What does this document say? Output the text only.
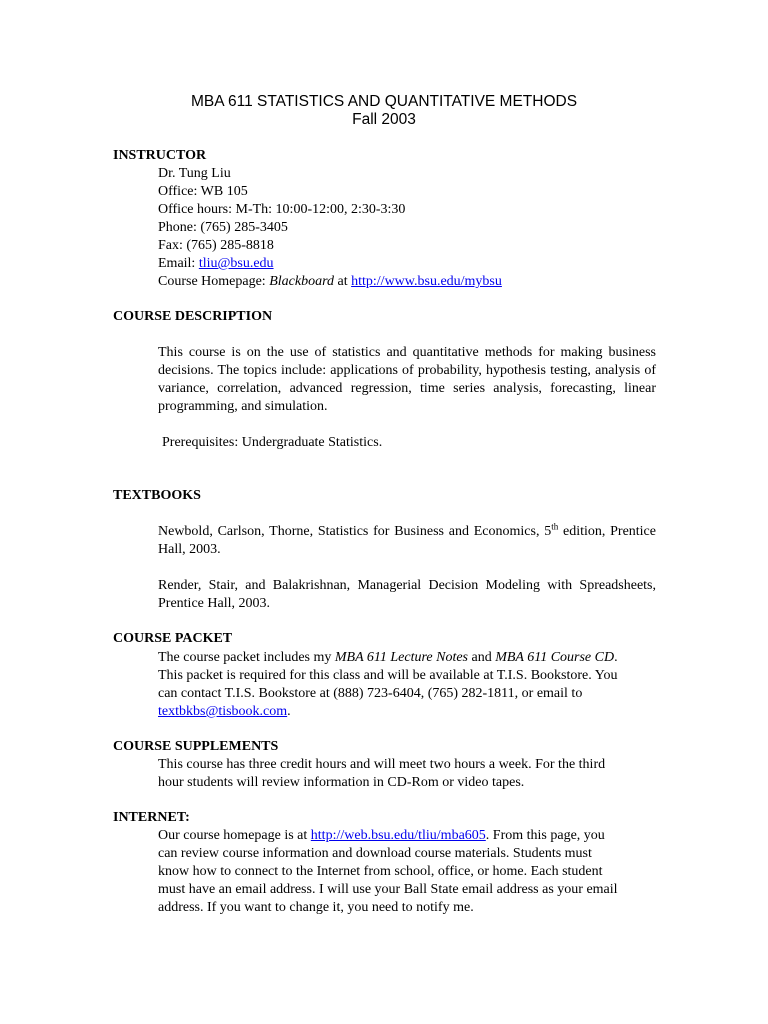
MBA 611 STATISTICS AND QUANTITATIVE METHODS
Fall 2003
INSTRUCTOR
Dr. Tung Liu
Office: WB 105
Office hours: M-Th: 10:00-12:00, 2:30-3:30
Phone: (765) 285-3405
Fax: (765) 285-8818
Email: tliu@bsu.edu
Course Homepage: Blackboard at http://www.bsu.edu/mybsu
COURSE DESCRIPTION
This course is on the use of statistics and quantitative methods for making business decisions. The topics include: applications of probability, hypothesis testing, analysis of variance, correlation, advanced regression, time series analysis, forecasting, linear programming, and simulation.
Prerequisites: Undergraduate Statistics.
TEXTBOOKS
Newbold, Carlson, Thorne, Statistics for Business and Economics, 5th edition, Prentice Hall, 2003.
Render, Stair, and Balakrishnan, Managerial Decision Modeling with Spreadsheets, Prentice Hall, 2003.
COURSE PACKET
The course packet includes my MBA 611 Lecture Notes and MBA 611 Course CD.
This packet is required for this class and will be available at T.I.S. Bookstore. You
can contact T.I.S. Bookstore at (888) 723-6404, (765) 282-1811, or email to
textbkbs@tisbook.com.
COURSE SUPPLEMENTS
This course has three credit hours and will meet two hours a week. For the third
hour students will review information in CD-Rom or video tapes.
INTERNET:
Our course homepage is at http://web.bsu.edu/tliu/mba605. From this page, you
can review course information and download course materials. Students must
know how to connect to the Internet from school, office, or home. Each student
must have an email address. I will use your Ball State email address as your email
address. If you want to change it, you need to notify me.
